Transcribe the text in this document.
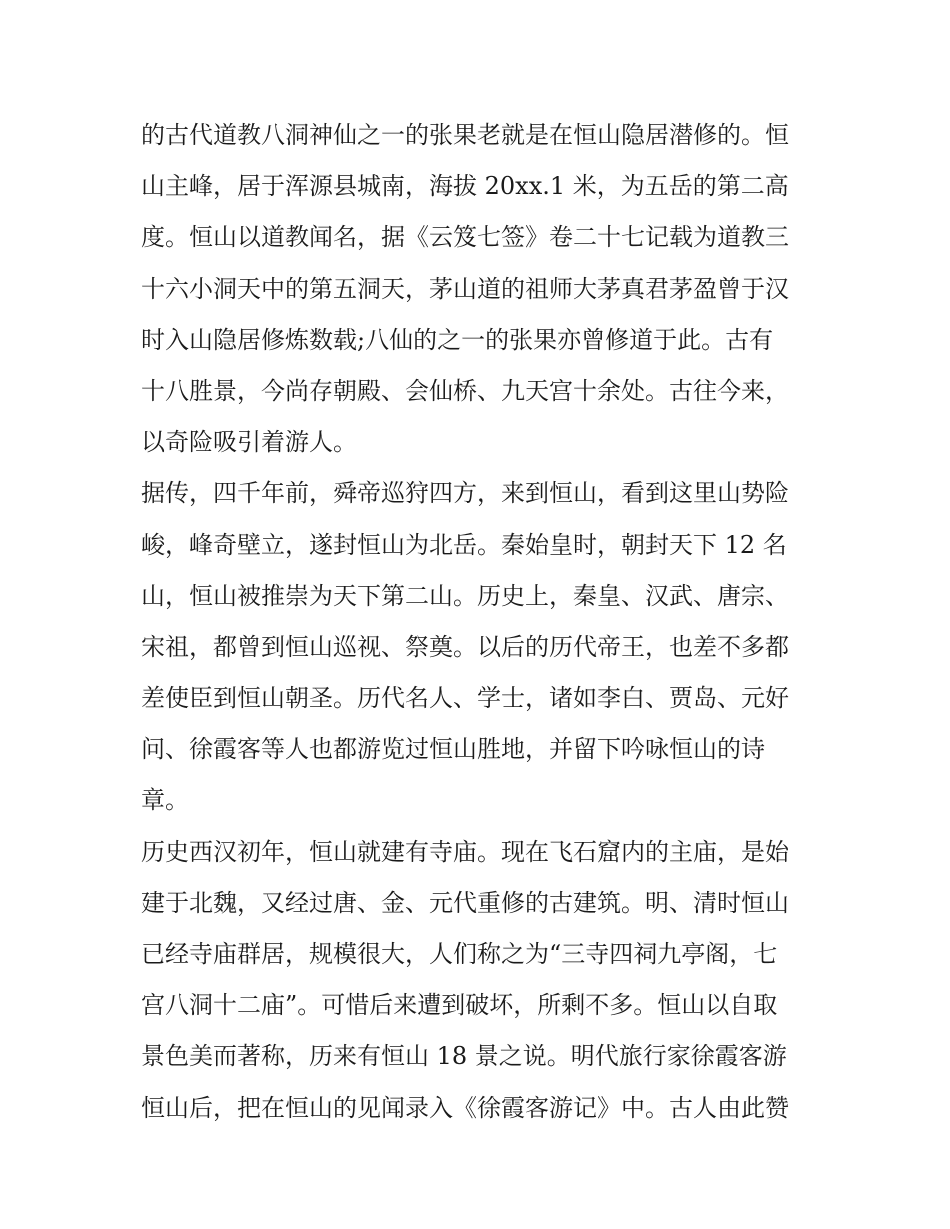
的古代道教八洞神仙之一的张果老就是在恒山隐居潜修的。恒
山主峰，居于浑源县城南，海拔 20xx.1 米，为五岳的第二高
度。恒山以道教闻名，据《云笈七签》卷二十七记载为道教三
十六小洞天中的第五洞天，茅山道的祖师大茅真君茅盈曾于汉
时入山隐居修炼数载;八仙的之一的张果亦曾修道于此。古有
十八胜景，今尚存朝殿、会仙桥、九天宫十余处。古往今来，
以奇险吸引着游人。
据传，四千年前，舜帝巡狩四方，来到恒山，看到这里山势险
峻，峰奇壁立，遂封恒山为北岳。秦始皇时，朝封天下 12 名
山，恒山被推崇为天下第二山。历史上，秦皇、汉武、唐宗、
宋祖，都曾到恒山巡视、祭奠。以后的历代帝王，也差不多都
差使臣到恒山朝圣。历代名人、学士，诸如李白、贾岛、元好
问、徐霞客等人也都游览过恒山胜地，并留下吟咏恒山的诗
章。
历史西汉初年，恒山就建有寺庙。现在飞石窟内的主庙，是始
建于北魏，又经过唐、金、元代重修的古建筑。明、清时恒山
已经寺庙群居，规模很大，人们称之为“三寺四祠九亭阁，七
宫八洞十二庙”。可惜后来遭到破坏，所剩不多。恒山以自取
景色美而著称，历来有恒山 18 景之说。明代旅行家徐霞客游
恒山后，把在恒山的见闻录入《徐霞客游记》中。古人由此赞
